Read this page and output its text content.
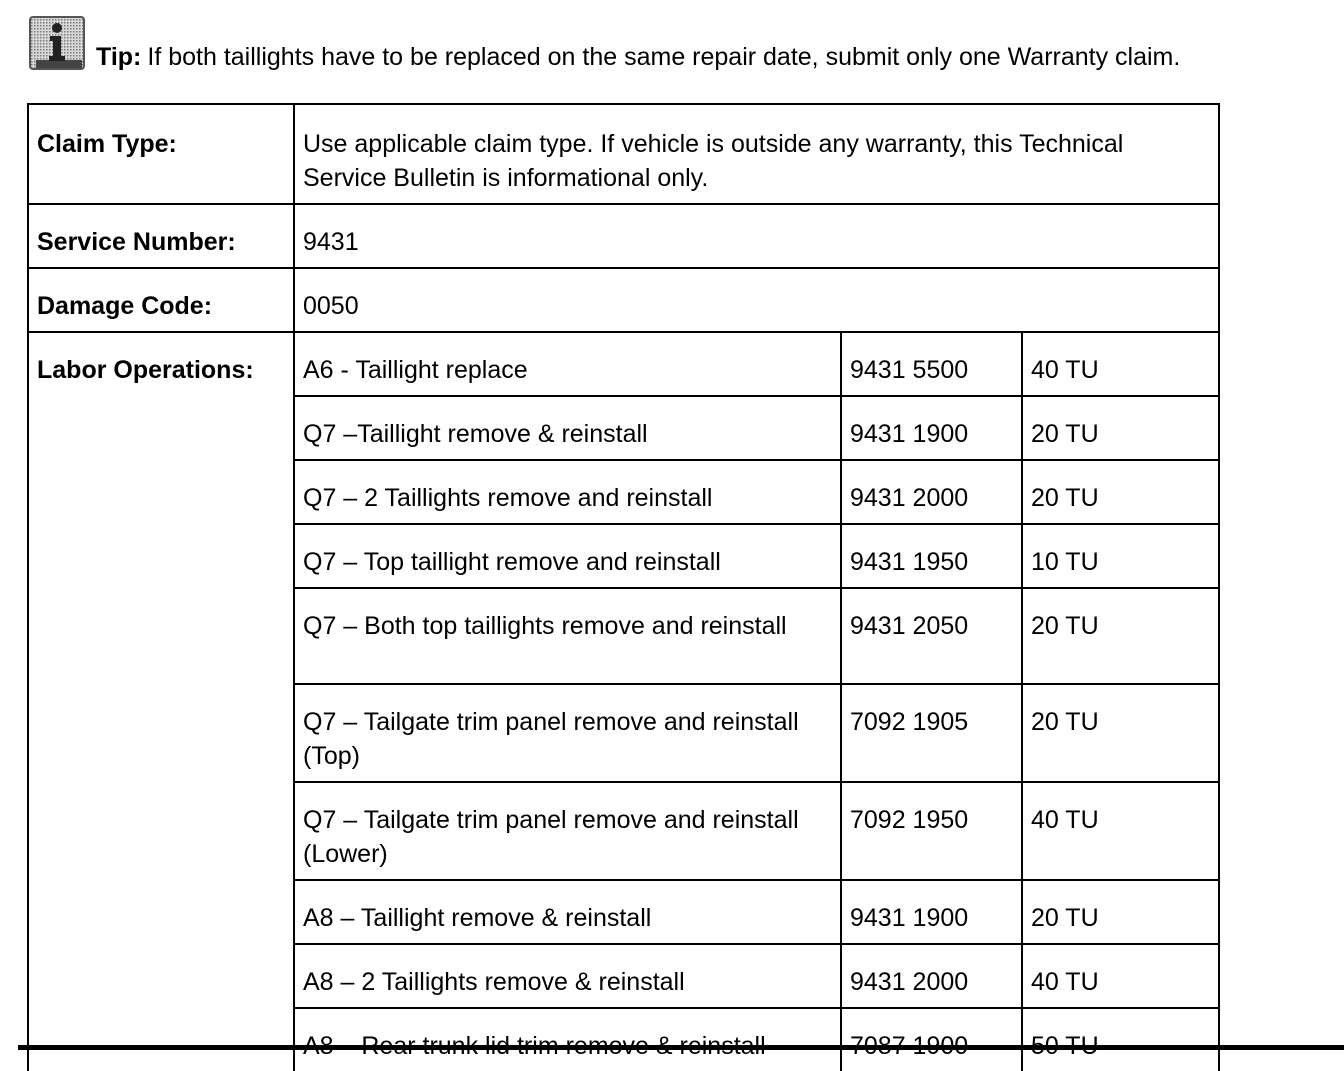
Tip: If both taillights have to be replaced on the same repair date, submit only one Warranty claim.
Claim Type:	Use applicable claim type. If vehicle is outside any warranty, this Technical Service Bulletin is informational only.		
Service Number:	9431		
Damage Code:	0050		
Labor Operations:	A6 - Taillight replace	9431 5500	40 TU
	Q7 –Taillight remove & reinstall	9431 1900	20 TU
	Q7 – 2 Taillights remove and reinstall	9431 2000	20 TU
	Q7 – Top taillight remove and reinstall	9431 1950	10 TU
	Q7 – Both top taillights remove and reinstall	9431 2050	20 TU
	Q7 – Tailgate trim panel remove and reinstall (Top)	7092 1905	20 TU
	Q7 – Tailgate trim panel remove and reinstall (Lower)	7092 1950	40 TU
	A8 – Taillight remove & reinstall	9431 1900	20 TU
	A8 – 2 Taillights remove & reinstall	9431 2000	40 TU
